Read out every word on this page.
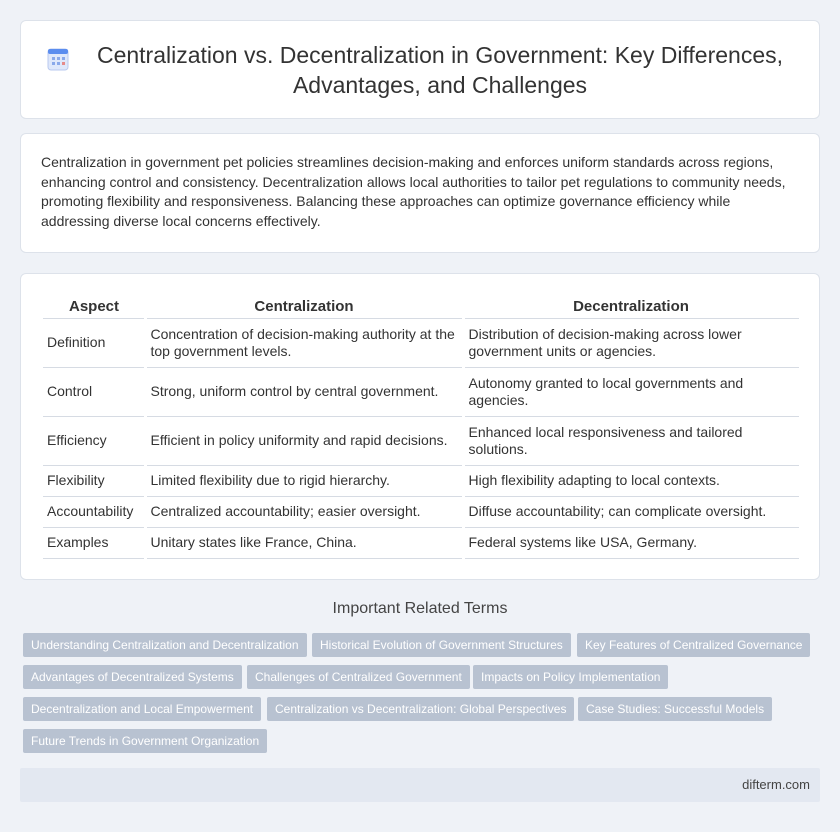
Centralization vs. Decentralization in Government: Key Differences, Advantages, and Challenges

Centralization in government pet policies streamlines decision-making and enforces uniform standards across regions, enhancing control and consistency. Decentralization allows local authorities to tailor pet regulations to community needs, promoting flexibility and responsiveness. Balancing these approaches can optimize governance efficiency while addressing diverse local concerns effectively.

Aspect	Centralization	Decentralization
Definition	Concentration of decision-making authority at the top government levels.	Distribution of decision-making across lower government units or agencies.
Control	Strong, uniform control by central government.	Autonomy granted to local governments and agencies.
Efficiency	Efficient in policy uniformity and rapid decisions.	Enhanced local responsiveness and tailored solutions.
Flexibility	Limited flexibility due to rigid hierarchy.	High flexibility adapting to local contexts.
Accountability	Centralized accountability; easier oversight.	Diffuse accountability; can complicate oversight.
Examples	Unitary states like France, China.	Federal systems like USA, Germany.
Important Related Terms
Understanding Centralization and Decentralization	Historical Evolution of Government Structures	Key Features of Centralized Governance
Advantages of Decentralized Systems	Challenges of Centralized Government	Impacts on Policy Implementation
Decentralization and Local Empowerment	Centralization vs Decentralization: Global Perspectives	Case Studies: Successful Models
Future Trends in Government Organization
difterm.com
